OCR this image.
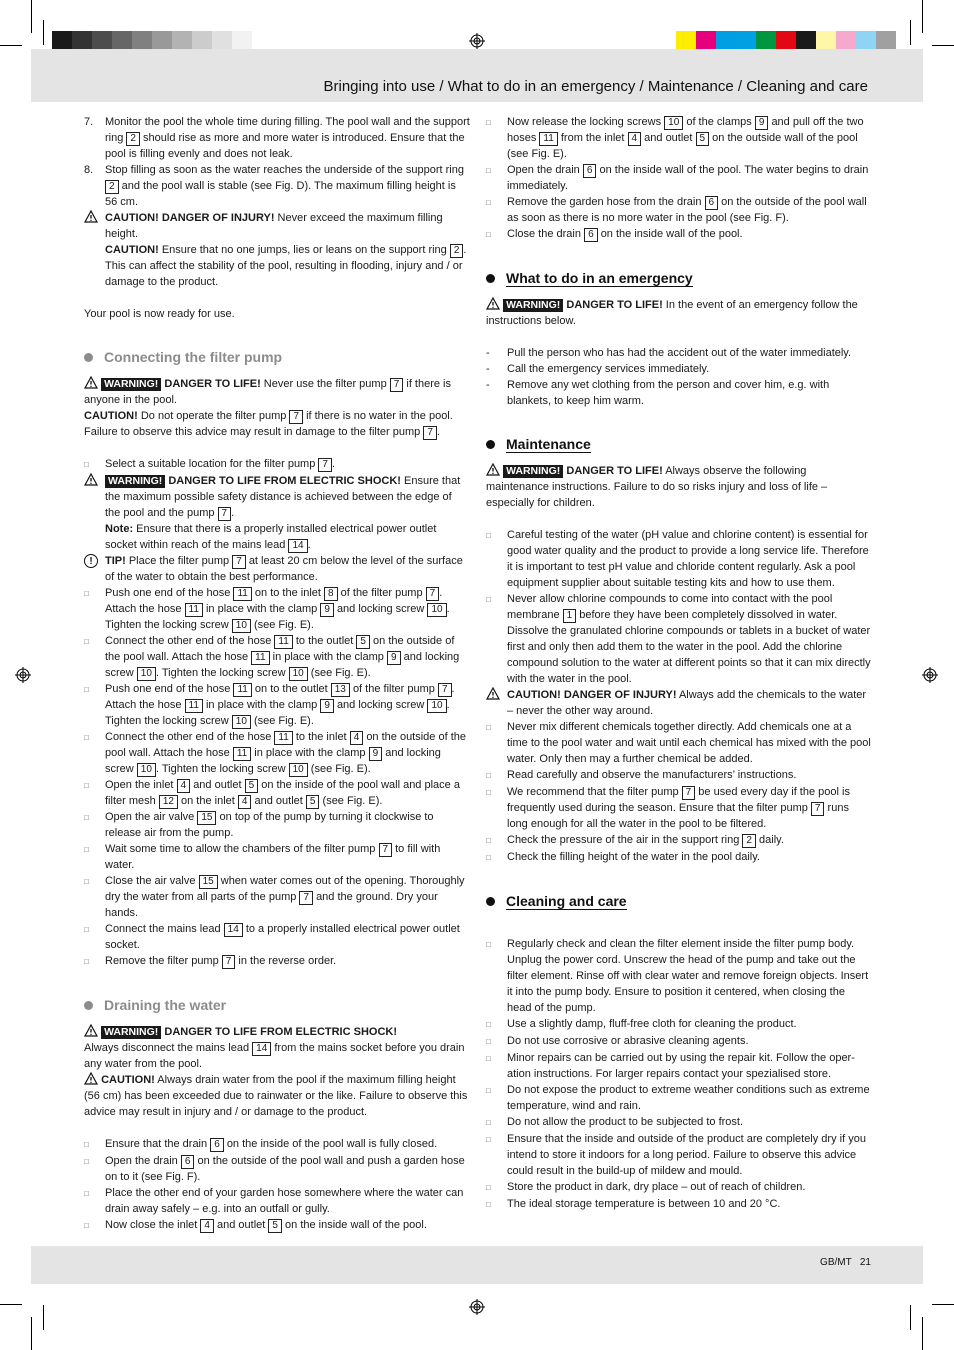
Bringing into use / What to do in an emergency / Maintenance / Cleaning and care
7.	Monitor the pool the whole time during filling. The pool wall and the support ring 2 should rise as more and more water is introduced. Ensure that the pool is filling evenly and does not leak.

8.	Stop filling as soon as the water reaches the underside of the support ring 2 and the pool wall is stable (see Fig. D). The maximum filling height is 56 cm.

CAUTION! DANGER OF INJURY! Never exceed the maximum filling height.

CAUTION! Ensure that no one jumps, lies or leans on the support ring 2 . This can affect the stability of the pool, resulting in flooding, injury and / or damage to the product.

Your pool is now ready for use.

Connecting the filter pump

WARNING! DANGER TO LIFE! Never use the filter pump 7 if there is anyone in the pool.

CAUTION! Do not operate the filter pump 7 if there is no water in the pool. Failure to observe this advice may result in damage to the filter pump 7 .

□	Select a suitable location for the filter pump 7 .

WARNING! DANGER TO LIFE FROM ELECTRIC SHOCK! Ensure that the maximum possible safety distance is achieved between the edge of the pool and the pump 7 .

Note: Ensure that there is a properly installed electrical power outlet socket within reach of the mains lead 14 .

!	TIP! Place the filter pump 7 at least 20 cm below the level of the surface of the water to obtain the best performance.

□	Push one end of the hose 11 on to the inlet 8 of the filter pump 7 . Attach the hose 11 in place with the clamp 9 and locking screw 10 . Tighten the locking screw 10 (see Fig. E).

□	Connect the other end of the hose 11 to the outlet 5 on the outside of the pool wall. Attach the hose 11 in place with the clamp 9 and locking screw 10 . Tighten the locking screw 10 (see Fig. E).

□	Push one end of the hose 11 on to the outlet 13 of the filter pump 7 . Attach the hose 11 in place with the clamp 9 and locking screw 10 . Tighten the locking screw 10 (see Fig. E).

□	Connect the other end of the hose 11 to the inlet 4 on the outside of the pool wall. Attach the hose 11 in place with the clamp 9 and locking screw 10 . Tighten the locking screw 10 (see Fig. E).

□	Open the inlet 4 and outlet 5 on the inside of the pool wall and place a filter mesh 12 on the inlet 4 and outlet 5 (see Fig. E).

□	Open the air valve 15 on top of the pump by turning it clockwise to release air from the pump.

□	Wait some time to allow the chambers of the filter pump 7 to fill with water.

□	Close the air valve 15 when water comes out of the opening. Thoroughly dry the water from all parts of the pump 7 and the ground. Dry your hands.

□	Connect the mains lead 14 to a properly installed electrical power outlet socket.

□	Remove the filter pump 7 in the reverse order.

Draining the water

WARNING! DANGER TO LIFE FROM ELECTRIC SHOCK!
Always disconnect the mains lead 14 from the mains socket before you drain any water from the pool.

CAUTION! Always drain water from the pool if the maximum filling height (56 cm) has been exceeded due to rainwater or the like. Failure to observe this advice may result in injury and / or damage to the product.

□	Ensure that the drain 6 on the inside of the pool wall is fully closed.

□	Open the drain 6 on the outside of the pool wall and push a garden hose on to it (see Fig. F).

□	Place the other end of your garden hose somewhere where the water can drain away safely – e.g. into an outfall or gully.

□	Now close the inlet 4 and outlet 5 on the inside wall of the pool.

□	Now release the locking screws 10 of the clamps 9 and pull off the two hoses 11 from the inlet 4 and outlet 5 on the outside wall of the pool (see Fig. E).

□	Open the drain 6 on the inside wall of the pool. The water begins to drain immediately.

□	Remove the garden hose from the drain 6 on the outside of the pool wall as soon as there is no more water in the pool (see Fig. F).

□	Close the drain 6 on the inside wall of the pool.

What to do in an emergency

WARNING! DANGER TO LIFE! In the event of an emergency follow the instructions below.

-	Pull the person who has had the accident out of the water immediately.

-	Call the emergency services immediately.

-	Remove any wet clothing from the person and cover him, e.g. with blankets, to keep him warm.

Maintenance

WARNING! DANGER TO LIFE! Always observe the following maintenance instructions. Failure to do so risks injury and loss of life – especially for children.

□	Careful testing of the water (pH value and chlorine content) is essential for good water quality and the product to provide a long service life. Therefore it is important to test pH value and chloride content regularly. Ask a pool equipment supplier about suitable testing kits and how to use them.

□	Never allow chlorine compounds to come into contact with the pool membrane 1 before they have been completely dissolved in water. Dissolve the granulated chlorine compounds or tablets in a bucket of water first and only then add them to the water in the pool. Add the chlorine compound solution to the water at different points so that it can mix directly with the water in the pool.

CAUTION! DANGER OF INJURY! Always add the chemicals to the water – never the other way around.

□	Never mix different chemicals together directly. Add chemicals one at a time to the pool water and wait until each chemical has mixed with the pool water. Only then may a further chemical be added.

□	Read carefully and observe the manufacturers’ instructions.

□	We recommend that the filter pump 7 be used every day if the pool is frequently used during the season. Ensure that the filter pump 7 runs long enough for all the water in the pool to be filtered.

□	Check the pressure of the air in the support ring 2 daily.

□	Check the filling height of the water in the pool daily.

Cleaning and care
□	Regularly check and clean the filter element inside the filter pump body. Unplug the power cord. Unscrew the head of the pump and take out the filter element. Rinse off with clear water and remove foreign objects. Insert it into the pump body. Ensure to position it centered, when closing the head of the pump.

□	Use a slightly damp, fluff-free cloth for cleaning the product.

□	Do not use corrosive or abrasive cleaning agents.

□	Minor repairs can be carried out by using the repair kit. Follow the oper- ation instructions. For larger repairs contact your spezialised store.

□	Do not expose the product to extreme weather conditions such as extreme temperature, wind and rain.

□	Do not allow the product to be subjected to frost.

□	Ensure that the inside and outside of the product are completely dry if you intend to store it indoors for a long period. Failure to observe this advice could result in the build-up of mildew and mould.

□	Store the product in dark, dry place – out of reach of children.

□	The ideal storage temperature is between 10 and 20 °C.

GB/MT   21
